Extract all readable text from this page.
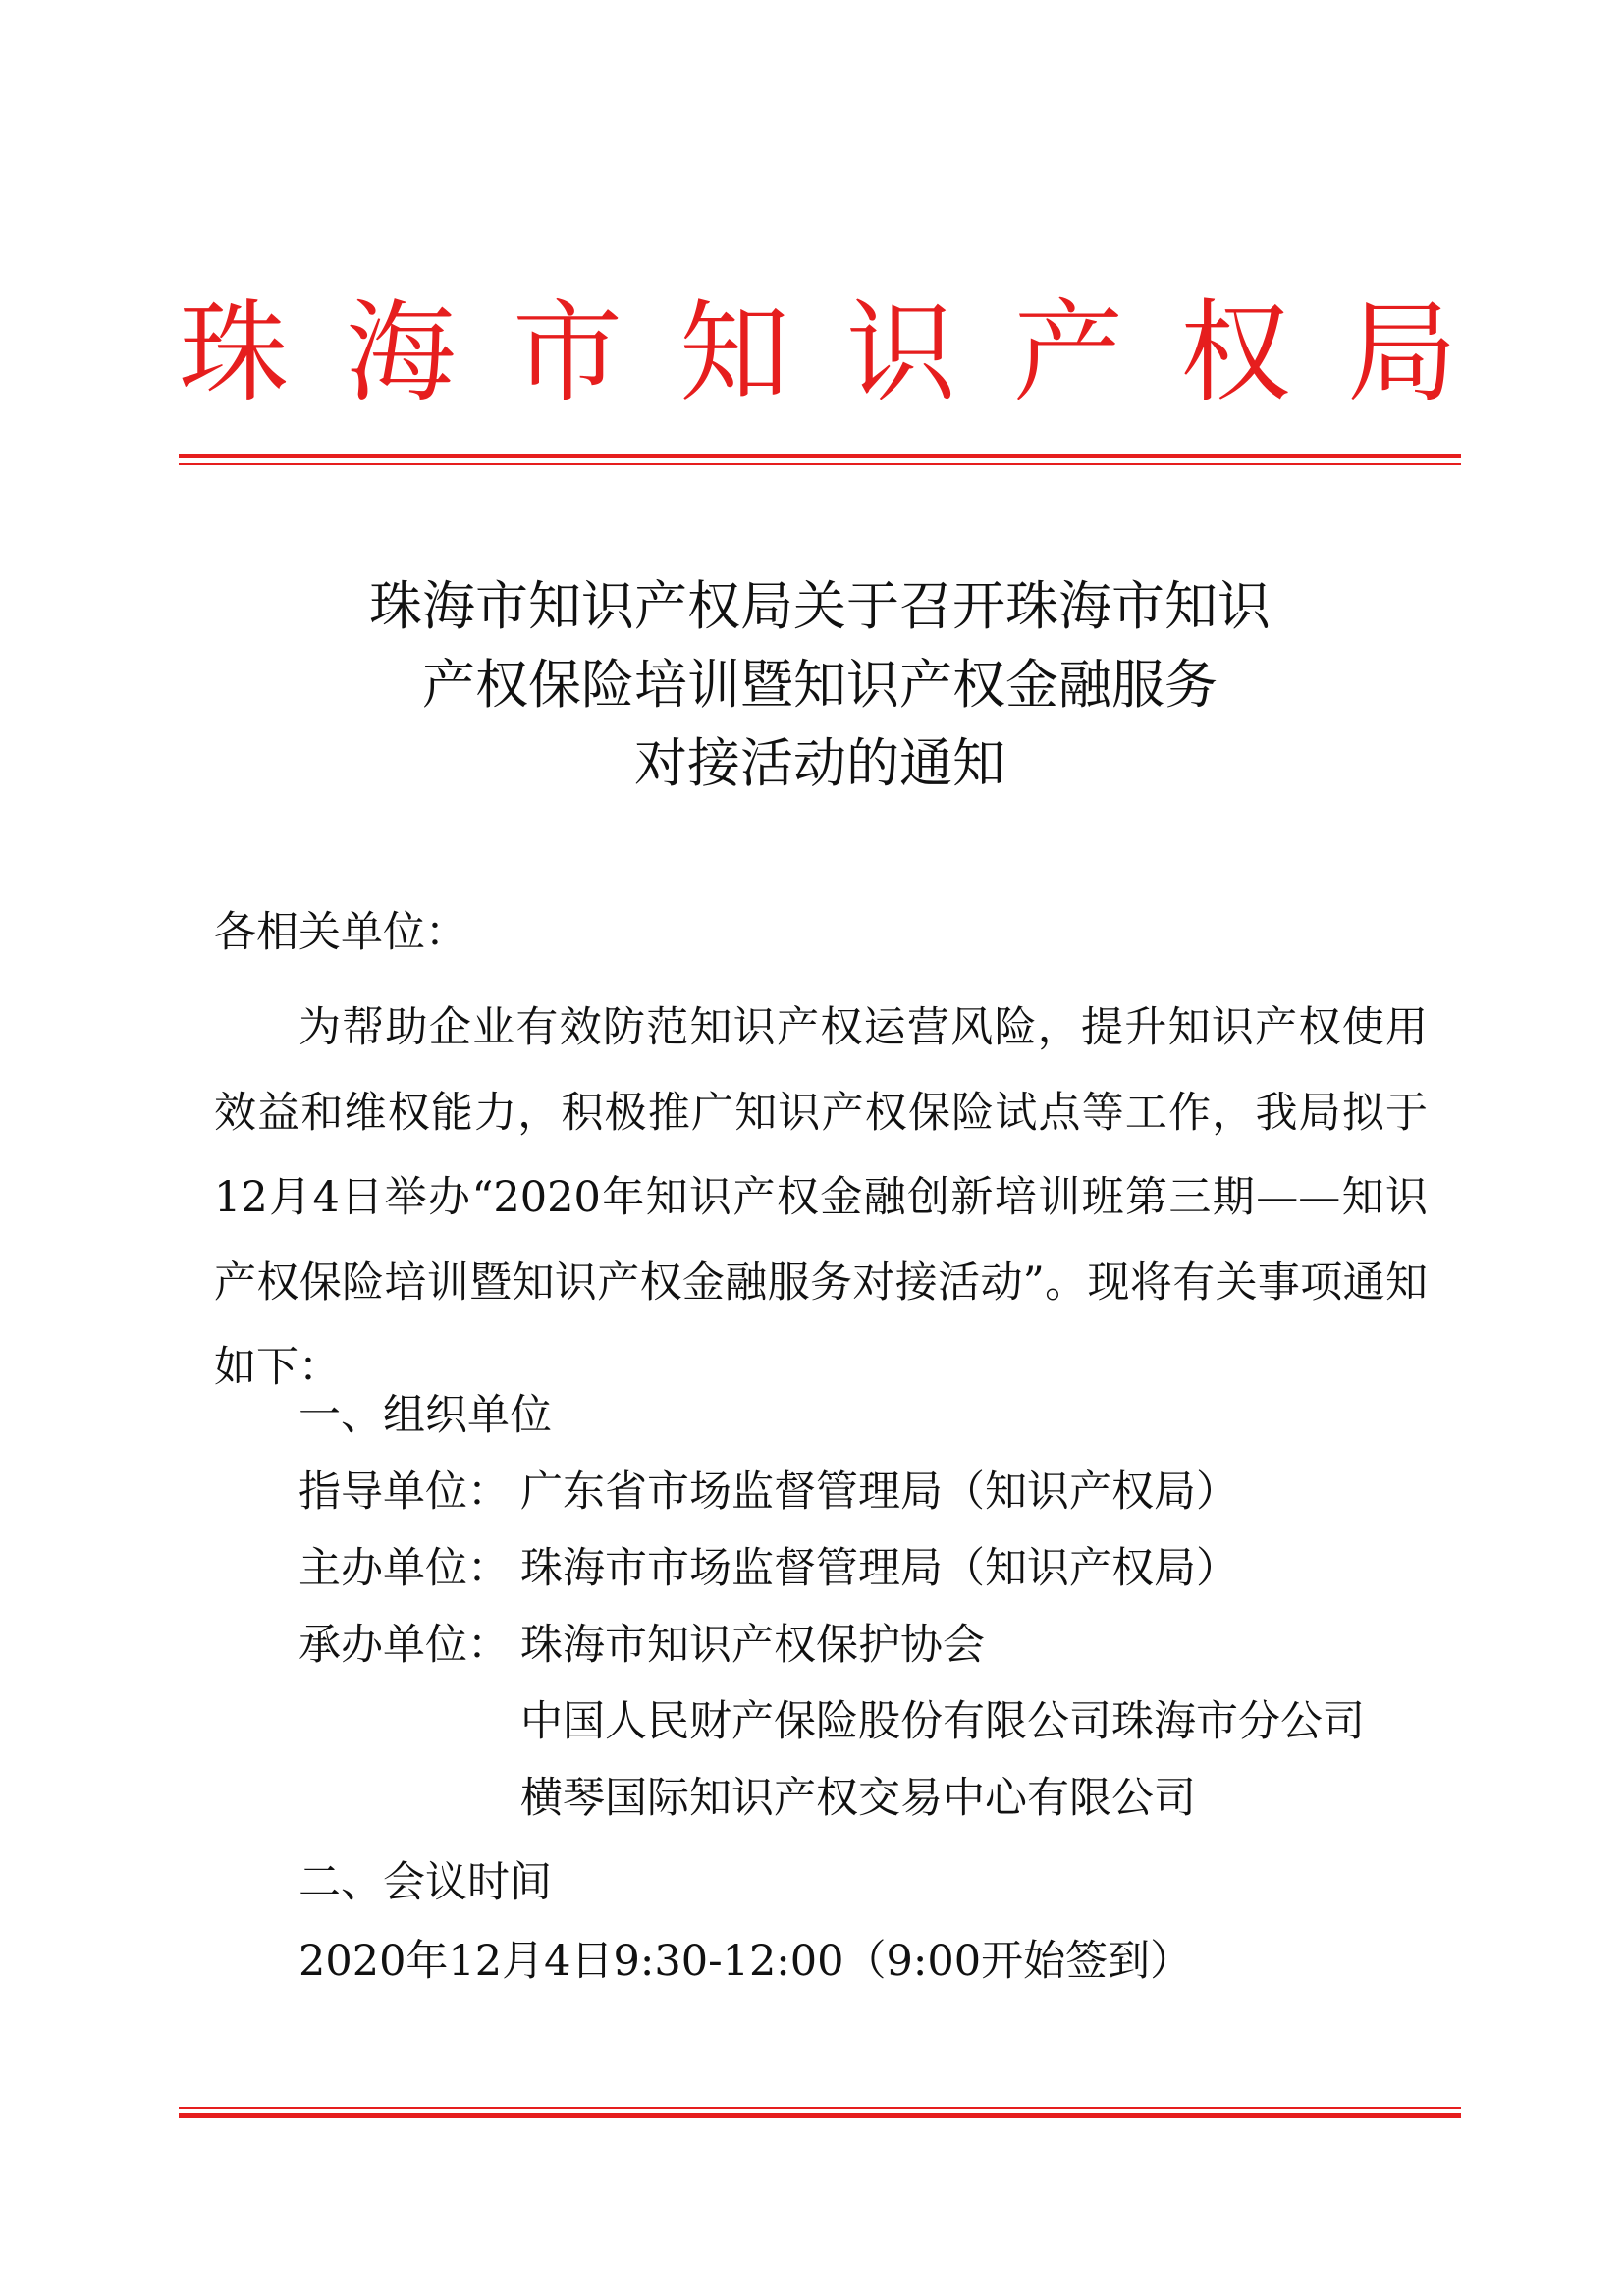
珠海市知识产权局
珠海市知识产权局关于召开珠海市知识
产权保险培训暨知识产权金融服务
对接活动的通知
各相关单位：
为帮助企业有效防范知识产权运营风险，提升知识产权使用效益和维权能力，积极推广知识产权保险试点等工作，我局拟于12月4日举办“2020年知识产权金融创新培训班第三期——知识产权保险培训暨知识产权金融服务对接活动”。现将有关事项通知如下：
一、组织单位
指导单位： 广东省市场监督管理局（知识产权局）
主办单位： 珠海市市场监督管理局（知识产权局）
承办单位： 珠海市知识产权保护协会
中国人民财产保险股份有限公司珠海市分公司
横琴国际知识产权交易中心有限公司
二、会议时间
2020年12月4日9:30-12:00（9:00开始签到）
